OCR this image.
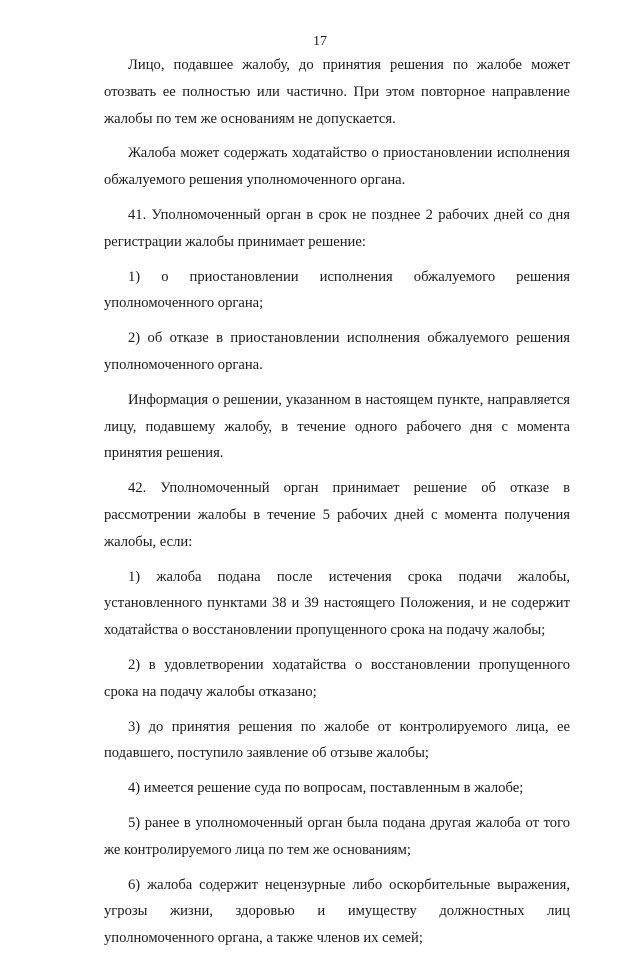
17

Лицо, подавшее жалобу, до принятия решения по жалобе может отозвать ее полностью или частично. При этом повторное направление жалобы по тем же основаниям не допускается.

Жалоба может содержать ходатайство о приостановлении исполнения обжалуемого решения уполномоченного органа.

41. Уполномоченный орган в срок не позднее 2 рабочих дней со дня регистрации жалобы принимает решение:

1) о приостановлении исполнения обжалуемого решения уполномоченного органа;

2) об отказе в приостановлении исполнения обжалуемого решения уполномоченного органа.

Информация о решении, указанном в настоящем пункте, направляется лицу, подавшему жалобу, в течение одного рабочего дня с момента принятия решения.

42. Уполномоченный орган принимает решение об отказе в рассмотрении жалобы в течение 5 рабочих дней с момента получения жалобы, если:

1) жалоба подана после истечения срока подачи жалобы, установленного пунктами 38 и 39 настоящего Положения, и не содержит ходатайства о восстановлении пропущенного срока на подачу жалобы;

2) в удовлетворении ходатайства о восстановлении пропущенного срока на подачу жалобы отказано;

3) до принятия решения по жалобе от контролируемого лица, ее подавшего, поступило заявление об отзыве жалобы;

4) имеется решение суда по вопросам, поставленным в жалобе;

5) ранее в уполномоченный орган была подана другая жалоба от того же контролируемого лица по тем же основаниям;

6) жалоба содержит нецензурные либо оскорбительные выражения, угрозы жизни, здоровью и имуществу должностных лиц уполномоченного органа, а также членов их семей;
